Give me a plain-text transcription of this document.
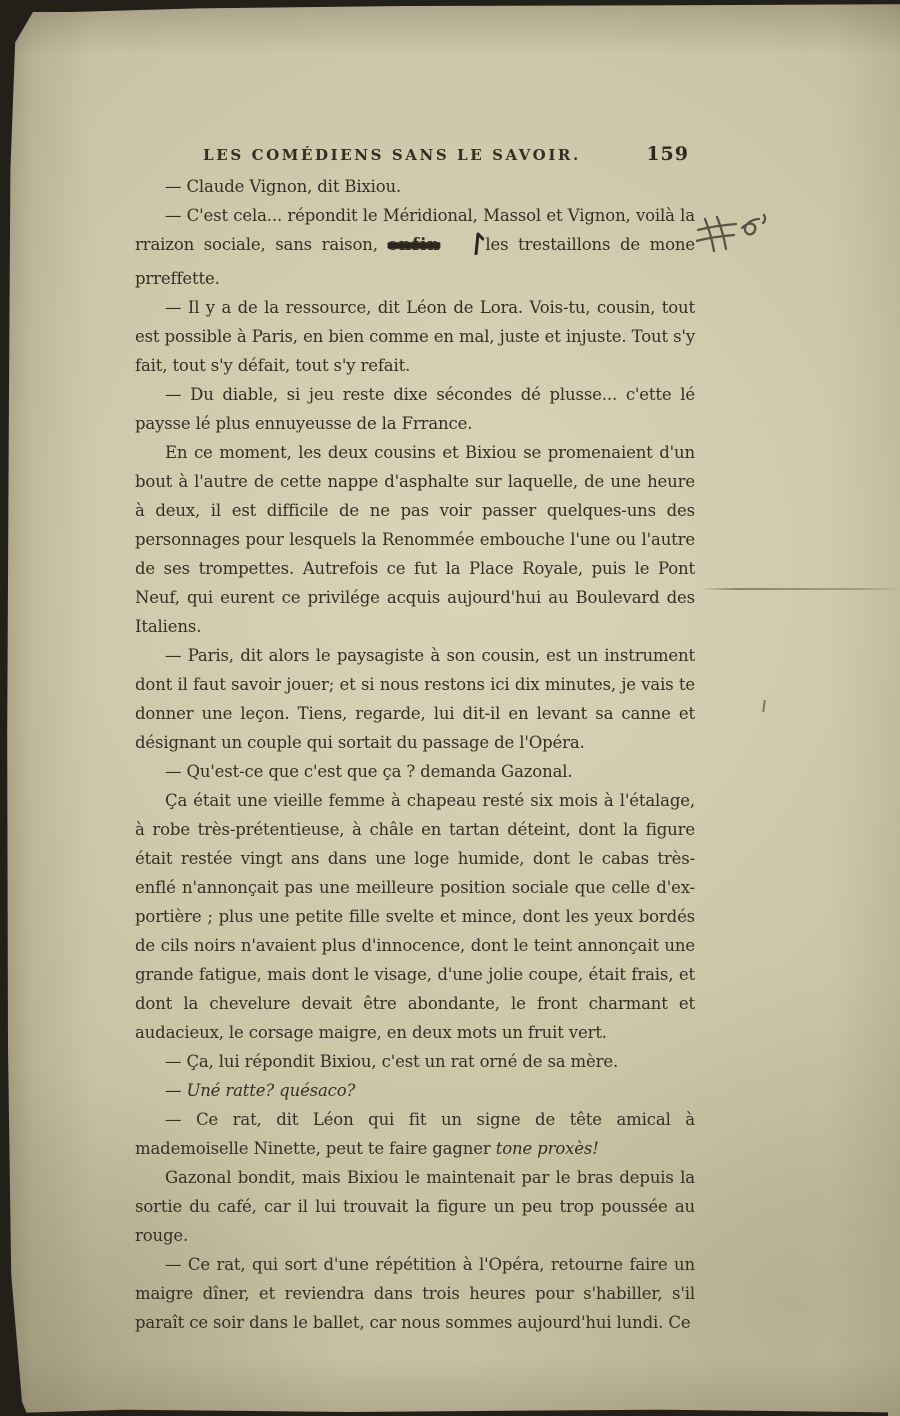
LES COMÉDIENS SANS LE SAVOIR.	159

— Claude Vignon, dit Bixiou.

— C'est cela... répondit le Méridional, Massol et Vignon, voilà la rraizon sociale, sans raison, enfin	les trestaillons de mone prreffette.

— Il y a de la ressource, dit Léon de Lora. Vois-tu, cousin, tout est possible à Paris, en bien comme en mal, juste et injuste. Tout s'y fait, tout s'y défait, tout s'y refait.

— Du diable, si jeu reste dixe sécondes dé plusse... c'ette lé paysse lé plus ennuyeusse de la Frrance.

En ce moment, les deux cousins et Bixiou se promenaient d'un bout à l'autre de cette nappe d'asphalte sur laquelle, de une heure à deux, il est difficile de ne pas voir passer quelques-uns des personnages pour lesquels la Renommée embouche l'une ou l'autre de ses trompettes. Autrefois ce fut la Place Royale, puis le Pont Neuf, qui eurent ce privilége acquis aujourd'hui au Boulevard des Italiens.

— Paris, dit alors le paysagiste à son cousin, est un instrument dont il faut savoir jouer; et si nous restons ici dix minutes, je vais te donner une leçon. Tiens, regarde, lui dit-il en levant sa canne et désignant un couple qui sortait du passage de l'Opéra.

— Qu'est-ce que c'est que ça ? demanda Gazonal.

Ça était une vieille femme à chapeau resté six mois à l'étalage, à robe très-prétentieuse, à châle en tartan déteint, dont la figure était restée vingt ans dans une loge humide, dont le cabas très-enflé n'annonçait pas une meilleure position sociale que celle d'ex-portière ; plus une petite fille svelte et mince, dont les yeux bordés de cils noirs n'avaient plus d'innocence, dont le teint annonçait une grande fatigue, mais dont le visage, d'une jolie coupe, était frais, et dont la chevelure devait être abondante, le front charmant et audacieux, le corsage maigre, en deux mots un fruit vert.

— Ça, lui répondit Bixiou, c'est un rat orné de sa mère.

— Uné ratte? quésaco?

— Ce rat, dit Léon qui fit un signe de tête amical à mademoiselle Ninette, peut te faire gagner tone proxès!

Gazonal bondit, mais Bixiou le maintenait par le bras depuis la sortie du café, car il lui trouvait la figure un peu trop poussée au rouge.

— Ce rat, qui sort d'une répétition à l'Opéra, retourne faire un maigre dîner, et reviendra dans trois heures pour s'habiller, s'il paraît ce soir dans le ballet, car nous sommes aujourd'hui lundi. Ce
